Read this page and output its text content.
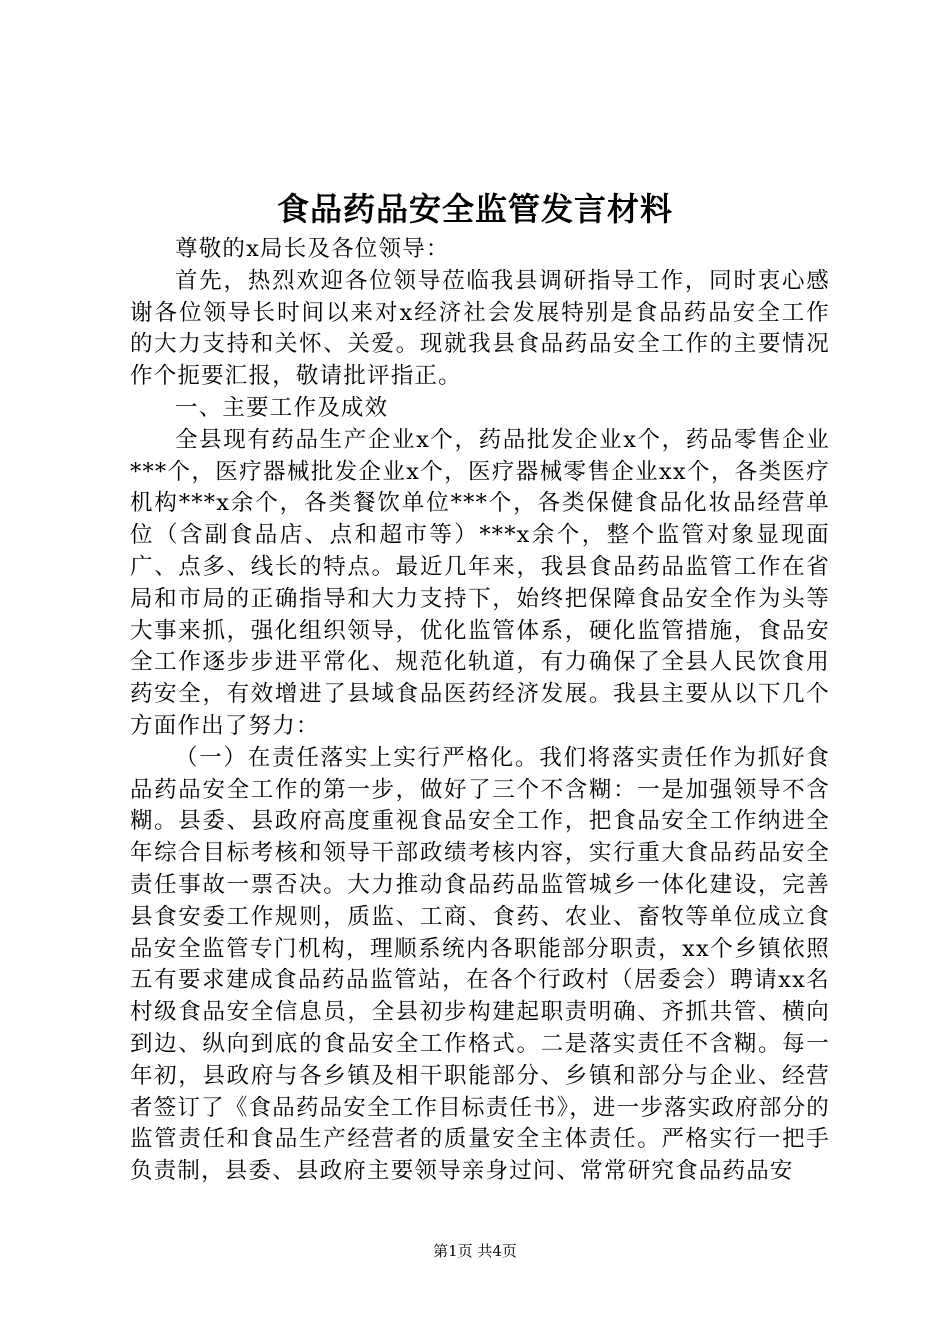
食品药品安全监管发言材料

尊敬的x局长及各位领导：

首先，热烈欢迎各位领导莅临我县调研指导工作，同时衷心感谢各位领导长时间以来对x经济社会发展特别是食品药品安全工作的大力支持和关怀、关爱。现就我县食品药品安全工作的主要情况作个扼要汇报，敬请批评指正。

一、主要工作及成效

全县现有药品生产企业x个，药品批发企业x个，药品零售企业***个，医疗器械批发企业x个，医疗器械零售企业xx个，各类医疗机构***x余个，各类餐饮单位***个，各类保健食品化妆品经营单位（含副食品店、点和超市等）***x余个，整个监管对象显现面广、点多、线长的特点。最近几年来，我县食品药品监管工作在省局和市局的正确指导和大力支持下，始终把保障食品安全作为头等大事来抓，强化组织领导，优化监管体系，硬化监管措施，食品安全工作逐步步进平常化、规范化轨道，有力确保了全县人民饮食用药安全，有效增进了县域食品医药经济发展。我县主要从以下几个方面作出了努力：

（一）在责任落实上实行严格化。我们将落实责任作为抓好食品药品安全工作的第一步，做好了三个不含糊：一是加强领导不含糊。县委、县政府高度重视食品安全工作，把食品安全工作纳进全年综合目标考核和领导干部政绩考核内容，实行重大食品药品安全责任事故一票否决。大力推动食品药品监管城乡一体化建设，完善县食安委工作规则，质监、工商、食药、农业、畜牧等单位成立食品安全监管专门机构，理顺系统内各职能部分职责，xx个乡镇依照五有要求建成食品药品监管站，在各个行政村（居委会）聘请xx名村级食品安全信息员，全县初步构建起职责明确、齐抓共管、横向到边、纵向到底的食品安全工作格式。二是落实责任不含糊。每一年初，县政府与各乡镇及相干职能部分、乡镇和部分与企业、经营者签订了《食品药品安全工作目标责任书》，进一步落实政府部分的监管责任和食品生产经营者的质量安全主体责任。严格实行一把手负责制，县委、县政府主要领导亲身过问、常常研究食品药品安

第1页 共4页
